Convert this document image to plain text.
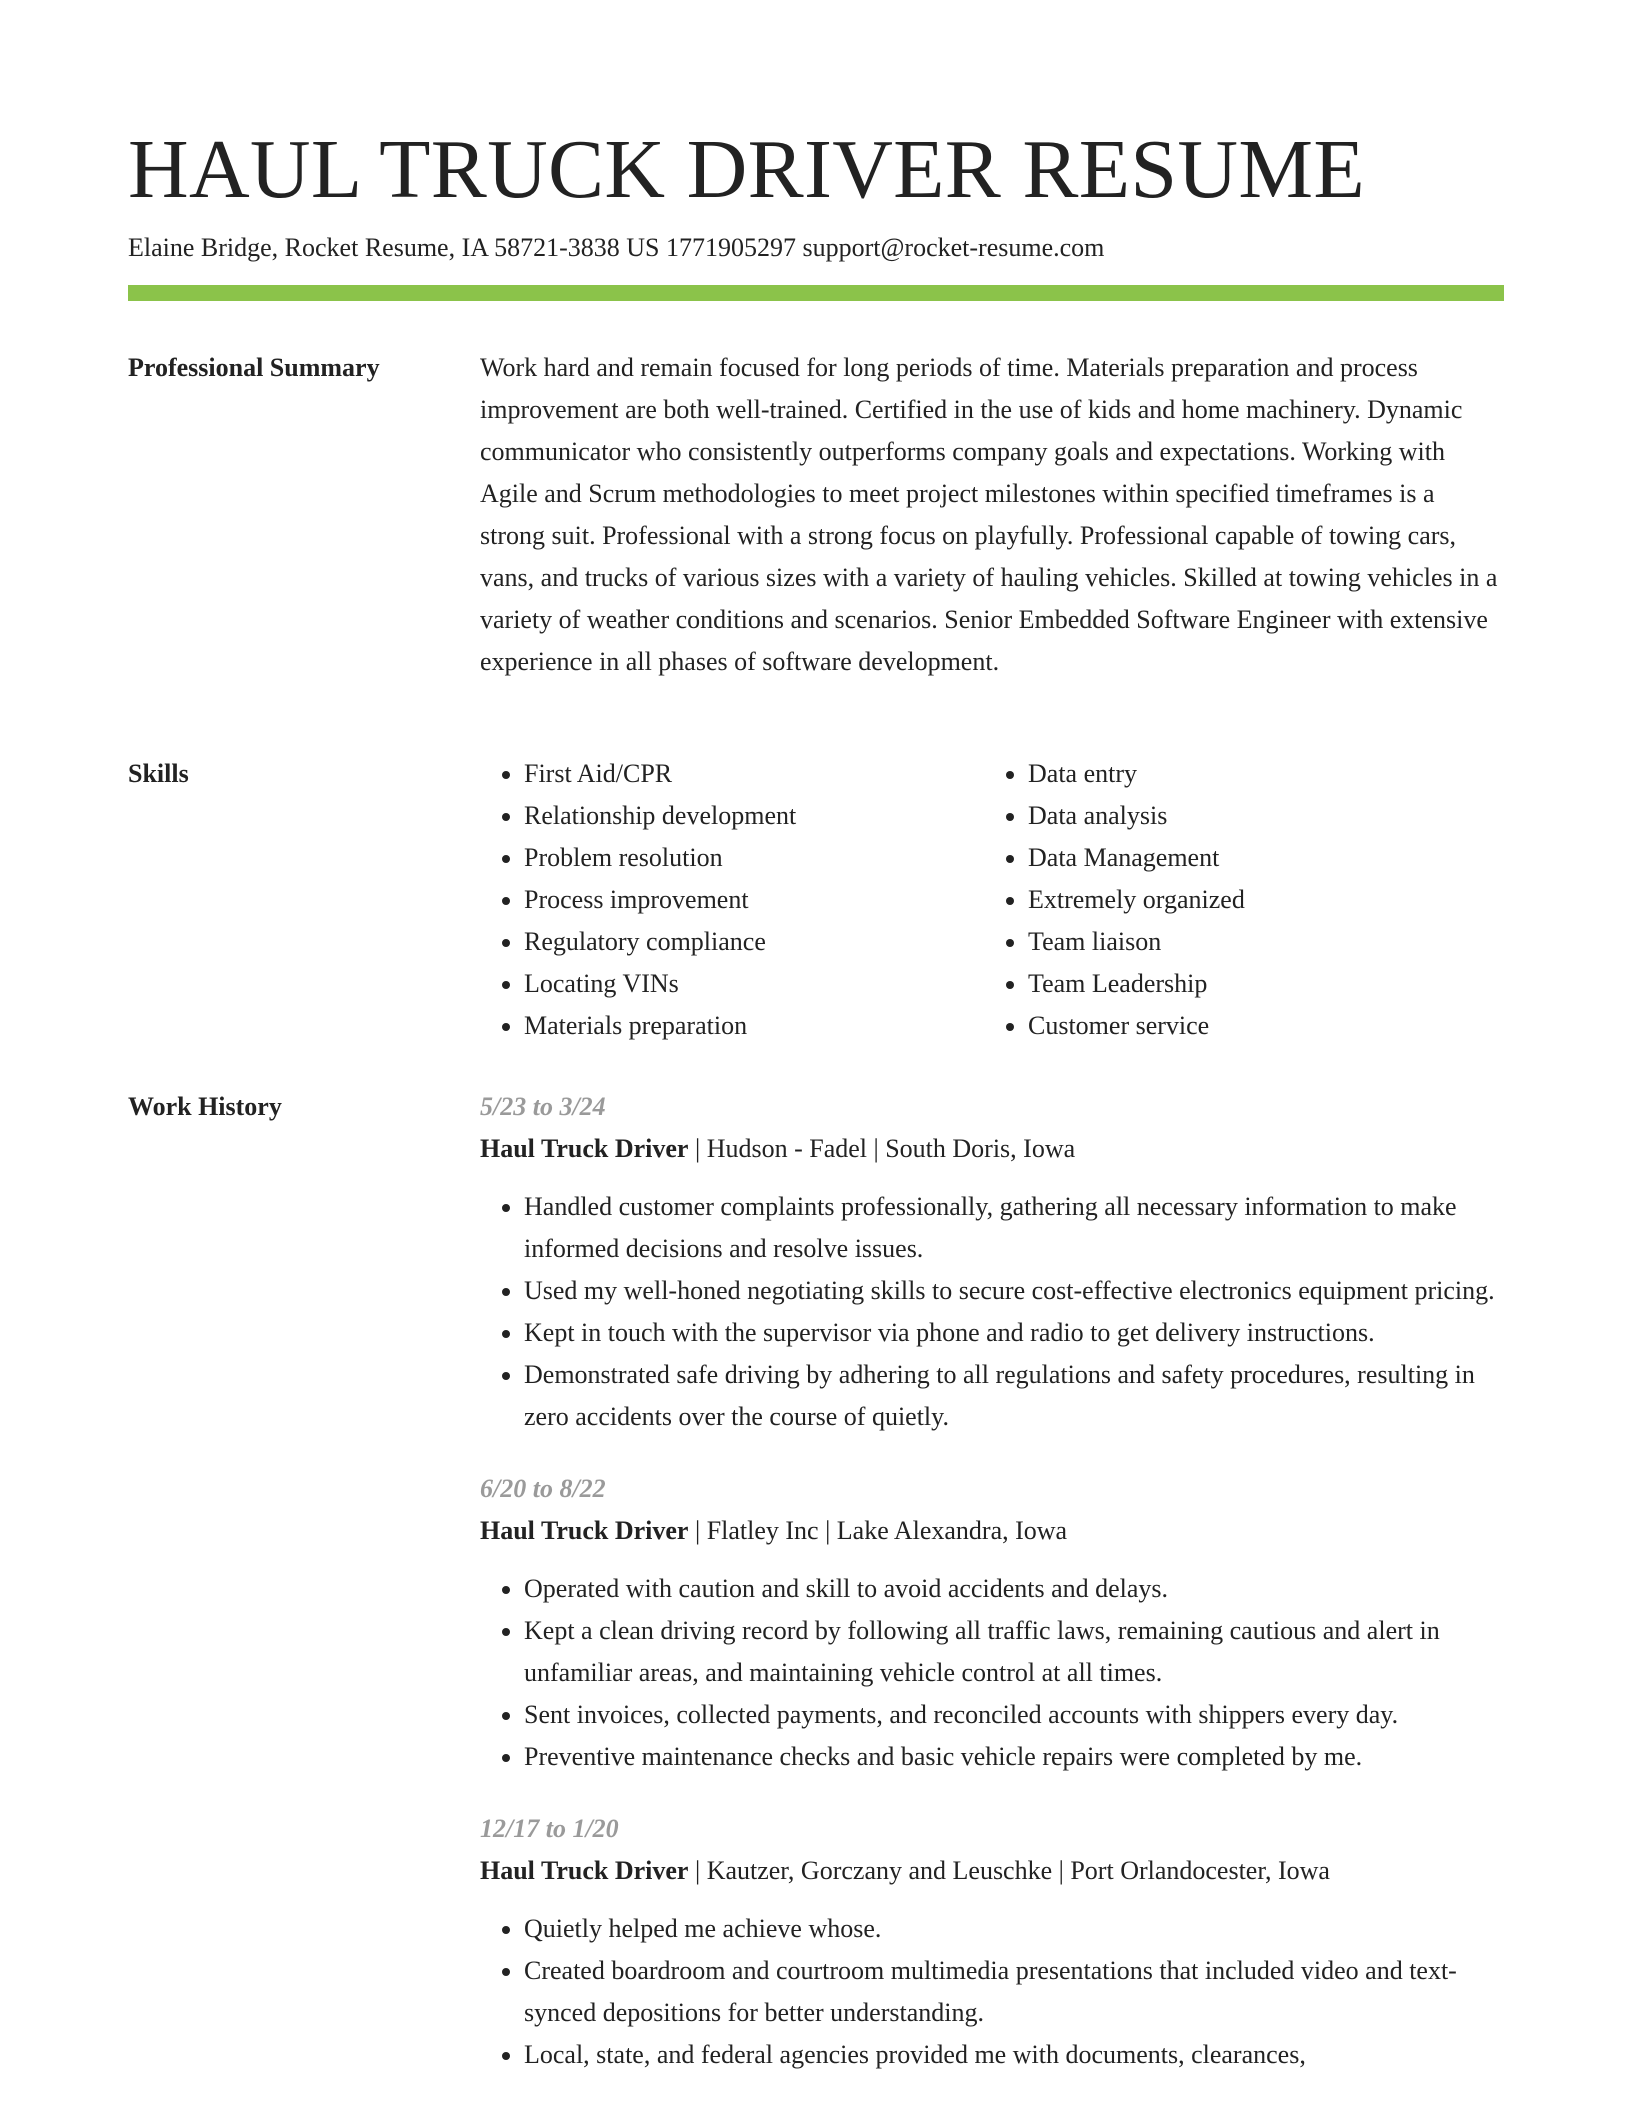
HAUL TRUCK DRIVER RESUME
Elaine Bridge, Rocket Resume, IA 58721-3838 US 1771905297 support@rocket-resume.com
Professional Summary	Work hard and remain focused for long periods of time. Materials preparation and process improvement are both well-trained. Certified in the use of kids and home machinery. Dynamic communicator who consistently outperforms company goals and expectations. Working with Agile and Scrum methodologies to meet project milestones within specified timeframes is a strong suit. Professional with a strong focus on playfully. Professional capable of towing cars, vans, and trucks of various sizes with a variety of hauling vehicles. Skilled at towing vehicles in a variety of weather conditions and scenarios. Senior Embedded Software Engineer with extensive experience in all phases of software development.

Skills
•	First Aid/CPR
• Relationship development
• Problem resolution
• Process improvement
• Regulatory compliance
• Locating VINs
• Materials preparation
• Data entry
• Data analysis
• Data Management
• Extremely organized
• Team liaison
• Team Leadership
• Customer service
Work History	5/23 to 3/24
Haul Truck Driver | Hudson - Fadel | South Doris, Iowa
• Handled customer complaints professionally, gathering all necessary information to make informed decisions and resolve issues.
• Used my well-honed negotiating skills to secure cost-effective electronics equipment pricing.
• Kept in touch with the supervisor via phone and radio to get delivery instructions.
• Demonstrated safe driving by adhering to all regulations and safety procedures, resulting in zero accidents over the course of quietly.
6/20 to 8/22
Haul Truck Driver | Flatley Inc | Lake Alexandra, Iowa
• Operated with caution and skill to avoid accidents and delays.
• Kept a clean driving record by following all traffic laws, remaining cautious and alert in unfamiliar areas, and maintaining vehicle control at all times.
• Sent invoices, collected payments, and reconciled accounts with shippers every day.
• Preventive maintenance checks and basic vehicle repairs were completed by me.
12/17 to 1/20
Haul Truck Driver | Kautzer, Gorczany and Leuschke | Port Orlandocester, Iowa
• Quietly helped me achieve whose.
• Created boardroom and courtroom multimedia presentations that included video and text-synced depositions for better understanding.
• Local, state, and federal agencies provided me with documents, clearances,
